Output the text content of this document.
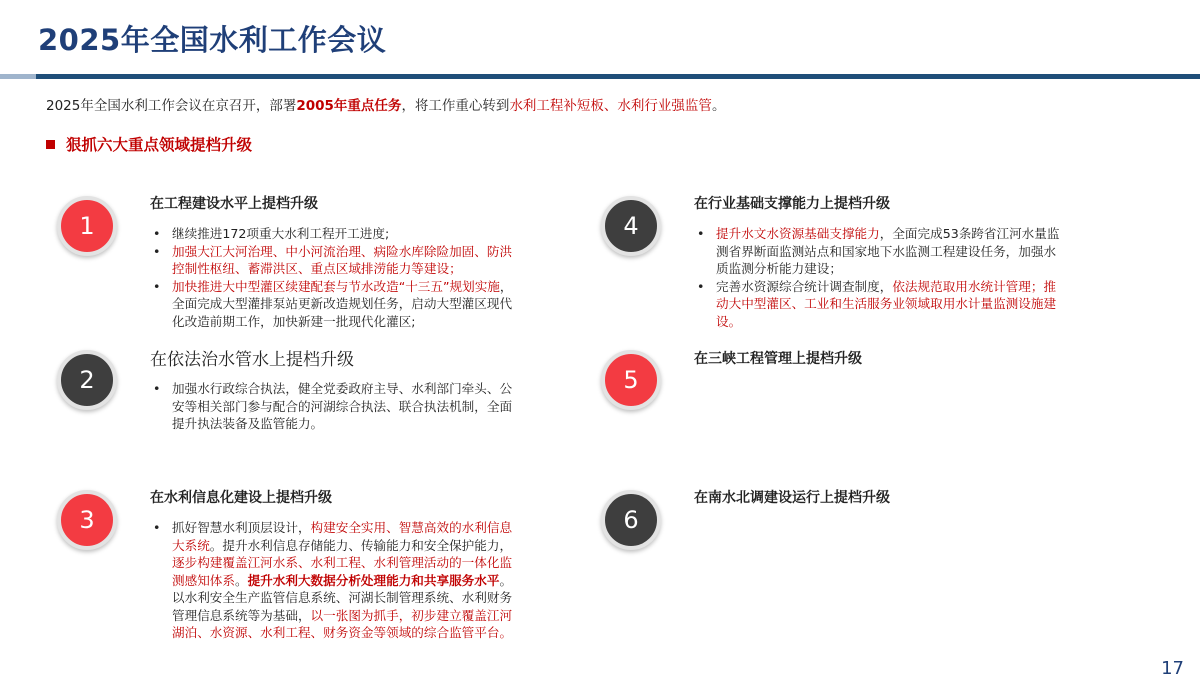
2025年全国水利工作会议
2025年全国水利工作会议在京召开，部署2005年重点任务，将工作重心转到水利工程补短板、水利行业强监管。
狠抓六大重点领域提档升级
1
在工程建设水平上提档升级
• 继续推进172项重大水利工程开工进度;
• 加强大江大河治理、中小河流治理、病险水库除险加固、防洪控制性枢纽、蓄滞洪区、重点区域排涝能力等建设；
• 加快推进大中型灌区续建配套与节水改造“十三五”规划实施，全面完成大型灌排泵站更新改造规划任务，启动大型灌区现代化改造前期工作，加快新建一批现代化灌区;
2
在依法治水管水上提档升级
• 加强水行政综合执法，健全党委政府主导、水利部门牵头、公安等相关部门参与配合的河湖综合执法、联合执法机制，全面提升执法装备及监管能力。
3
在水利信息化建设上提档升级
• 抓好智慧水利顶层设计，构建安全实用、智慧高效的水利信息大系统。提升水利信息存储能力、传输能力和安全保护能力，逐步构建覆盖江河水系、水利工程、水利管理活动的一体化监测感知体系。提升水利大数据分析处理能力和共享服务水平。以水利安全生产监管信息系统、河湖长制管理系统、水利财务管理信息系统等为基础，以一张图为抓手，初步建立覆盖江河湖泊、水资源、水利工程、财务资金等领域的综合监管平台。
4
在行业基础支撑能力上提档升级
• 提升水文水资源基础支撑能力，全面完成53条跨省江河水量监测省界断面监测站点和国家地下水监测工程建设任务，加强水质监测分析能力建设；
• 完善水资源综合统计调查制度，依法规范取用水统计管理；推动大中型灌区、工业和生活服务业领域取用水计量监测设施建设。
5
在三峡工程管理上提档升级
6
在南水北调建设运行上提档升级
17
